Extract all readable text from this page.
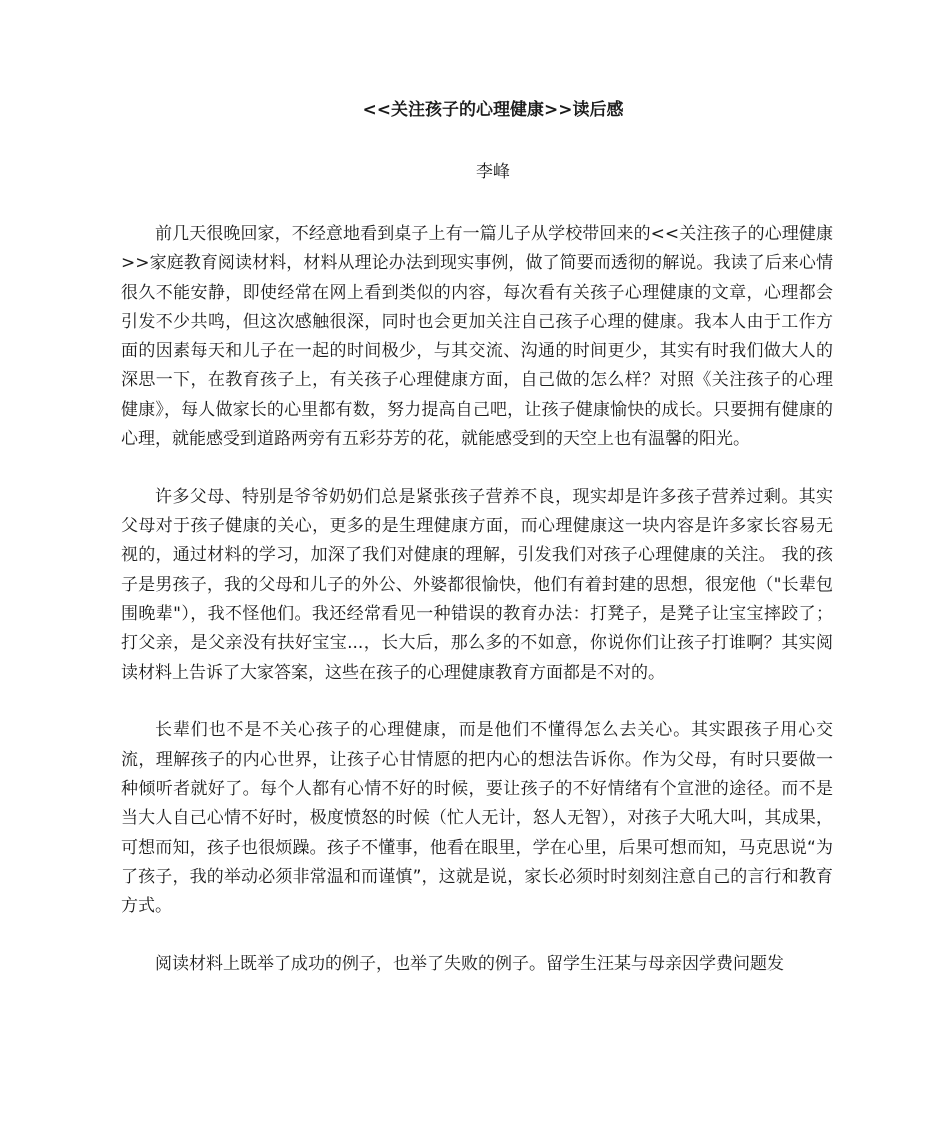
<<关注孩子的心理健康>>读后感

李峰

前几天很晚回家，不经意地看到桌子上有一篇儿子从学校带回来的<<关注孩子的心理健康>>家庭教育阅读材料，材料从理论办法到现实事例，做了简要而透彻的解说。我读了后来心情很久不能安静，即使经常在网上看到类似的内容，每次看有关孩子心理健康的文章，心理都会引发不少共鸣，但这次感触很深，同时也会更加关注自己孩子心理的健康。我本人由于工作方面的因素每天和儿子在一起的时间极少，与其交流、沟通的时间更少，其实有时我们做大人的深思一下，在教育孩子上，有关孩子心理健康方面，自己做的怎么样？对照《关注孩子的心理健康》，每人做家长的心里都有数，努力提高自己吧，让孩子健康愉快的成长。只要拥有健康的心理，就能感受到道路两旁有五彩芬芳的花，就能感受到的天空上也有温馨的阳光。

许多父母、特别是爷爷奶奶们总是紧张孩子营养不良，现实却是许多孩子营养过剩。其实父母对于孩子健康的关心，更多的是生理健康方面，而心理健康这一块内容是许多家长容易无视的，通过材料的学习，加深了我们对健康的理解，引发我们对孩子心理健康的关注。 我的孩子是男孩子，我的父母和儿子的外公、外婆都很愉快，他们有着封建的思想，很宠他（"长辈包围晚辈"），我不怪他们。我还经常看见一种错误的教育办法：打凳子，是凳子让宝宝摔跤了；打父亲，是父亲没有扶好宝宝...，长大后，那么多的不如意，你说你们让孩子打谁啊？其实阅读材料上告诉了大家答案，这些在孩子的心理健康教育方面都是不对的。

长辈们也不是不关心孩子的心理健康，而是他们不懂得怎么去关心。其实跟孩子用心交流，理解孩子的内心世界，让孩子心甘情愿的把内心的想法告诉你。作为父母，有时只要做一种倾听者就好了。每个人都有心情不好的时候，要让孩子的不好情绪有个宣泄的途径。而不是当大人自己心情不好时，极度愤怒的时候（忙人无计，怒人无智），对孩子大吼大叫，其成果，可想而知，孩子也很烦躁。孩子不懂事，他看在眼里，学在心里，后果可想而知，马克思说“为了孩子，我的举动必须非常温和而谨慎”，这就是说，家长必须时时刻刻注意自己的言行和教育方式。

阅读材料上既举了成功的例子，也举了失败的例子。留学生汪某与母亲因学费问题发
